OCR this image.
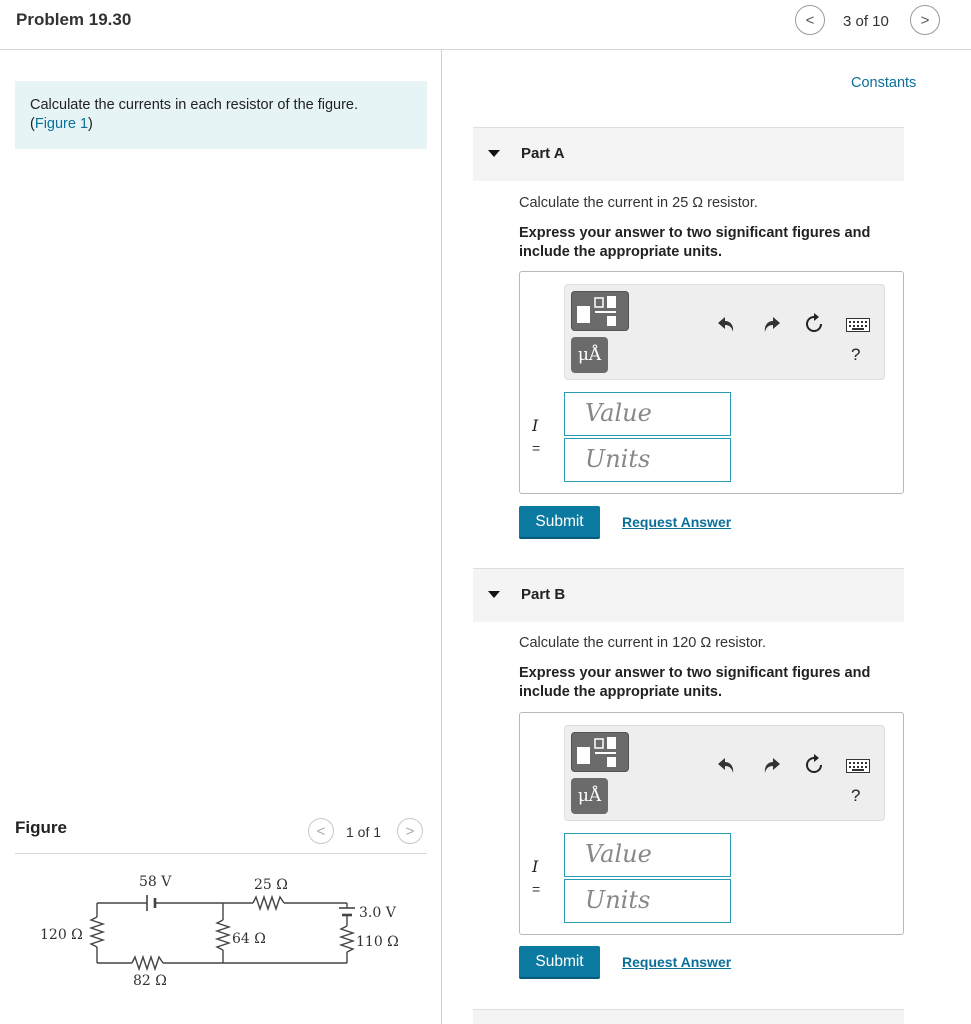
Problem 19.30	< 3 of 10 >
Calculate the currents in each resistor of the figure.
(Figure 1)
Constants
Part A
Calculate the current in 25 Ω resistor.
Express your answer to two significant figures and include the appropriate units.
μÅ	?
I
=
Value
Units
Submit	Request Answer
Part B
Calculate the current in 120 Ω resistor.
Express your answer to two significant figures and include the appropriate units.
μÅ	?
I
=
Value
Units
Submit	Request Answer
Figure	< 1 of 1 >
58 V	25 Ω
3.0 V
120 Ω	64 Ω	110 Ω
82 Ω
